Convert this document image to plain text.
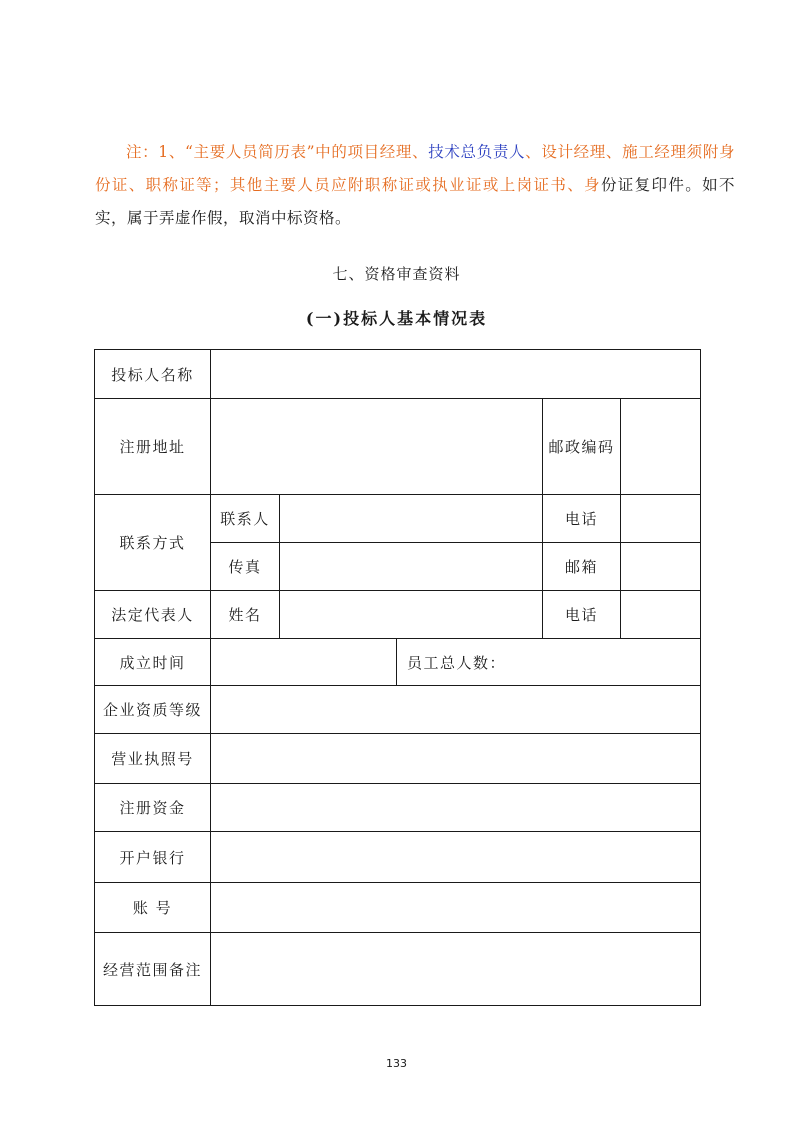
注：1、“主要人员简历表”中的项目经理、技术总负责人、设计经理、施工经理须附身份证、职称证等；其他主要人员应附职称证或执业证或上岗证书、身份证复印件。如不实，属于弄虚作假，取消中标资格。
七、资格审查资料
(一)投标人基本情况表
投标人名称					
注册地址				邮政编码	
联系方式	联系人			电话	
	传真			邮箱	
法定代表人	姓名			电话	
成立时间			员工总人数：		
企业资质等级					
营业执照号					
注册资金					
开户银行					
账 号					
经营范围备注					
133
